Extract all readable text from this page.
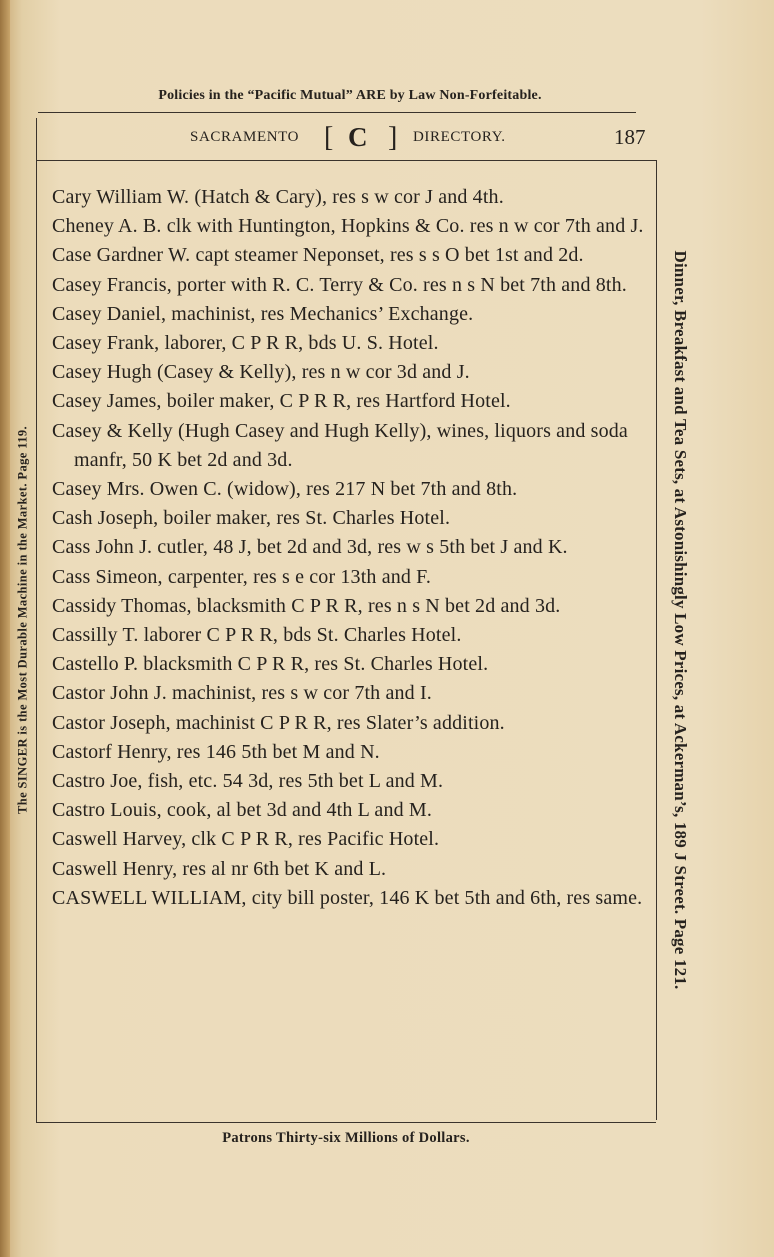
Policies in the “Pacific Mutual” ARE by Law Non-Forfeitable.
SACRAMENTO [ C ] DIRECTORY.	187

Cary William W. (Hatch & Cary), res s w cor J and 4th.

Cheney A. B. clk with Huntington, Hopkins & Co. res n w cor 7th and J.

Case Gardner W. capt steamer Neponset, res s s O bet 1st and 2d.

Casey Francis, porter with R. C. Terry & Co. res n s N bet 7th and 8th.

Casey Daniel, machinist, res Mechanics’ Exchange.

Casey Frank, laborer, C P R R, bds U. S. Hotel.

Casey Hugh (Casey & Kelly), res n w cor 3d and J.

Casey James, boiler maker, C P R R, res Hartford Hotel.

Casey & Kelly (Hugh Casey and Hugh Kelly), wines, liquors and soda manfr, 50 K bet 2d and 3d.

Casey Mrs. Owen C. (widow), res 217 N bet 7th and 8th.

Cash Joseph, boiler maker, res St. Charles Hotel.

Cass John J. cutler, 48 J, bet 2d and 3d, res w s 5th bet J and K.

Cass Simeon, carpenter, res s e cor 13th and F.

Cassidy Thomas, blacksmith C P R R, res n s N bet 2d and 3d.

Cassilly T. laborer C P R R, bds St. Charles Hotel.

Castello P. blacksmith C P R R, res St. Charles Hotel.

Castor John J. machinist, res s w cor 7th and I.

Castor Joseph, machinist C P R R, res Slater’s addition.

Castorf Henry, res 146 5th bet M and N.

Castro Joe, fish, etc. 54 3d, res 5th bet L and M.

Castro Louis, cook, al bet 3d and 4th L and M.

Caswell Harvey, clk C P R R, res Pacific Hotel.

Caswell Henry, res al nr 6th bet K and L.

CASWELL WILLIAM, city bill poster, 146 K bet 5th and 6th, res same.

The SINGER is the Most Durable Machine in the Market. Page 119.	Dinner, Breakfast and Tea Sets, at Astonishingly Low Prices, at Ackerman’s, 189 J Street. Page 121.
Patrons Thirty-six Millions of Dollars.
